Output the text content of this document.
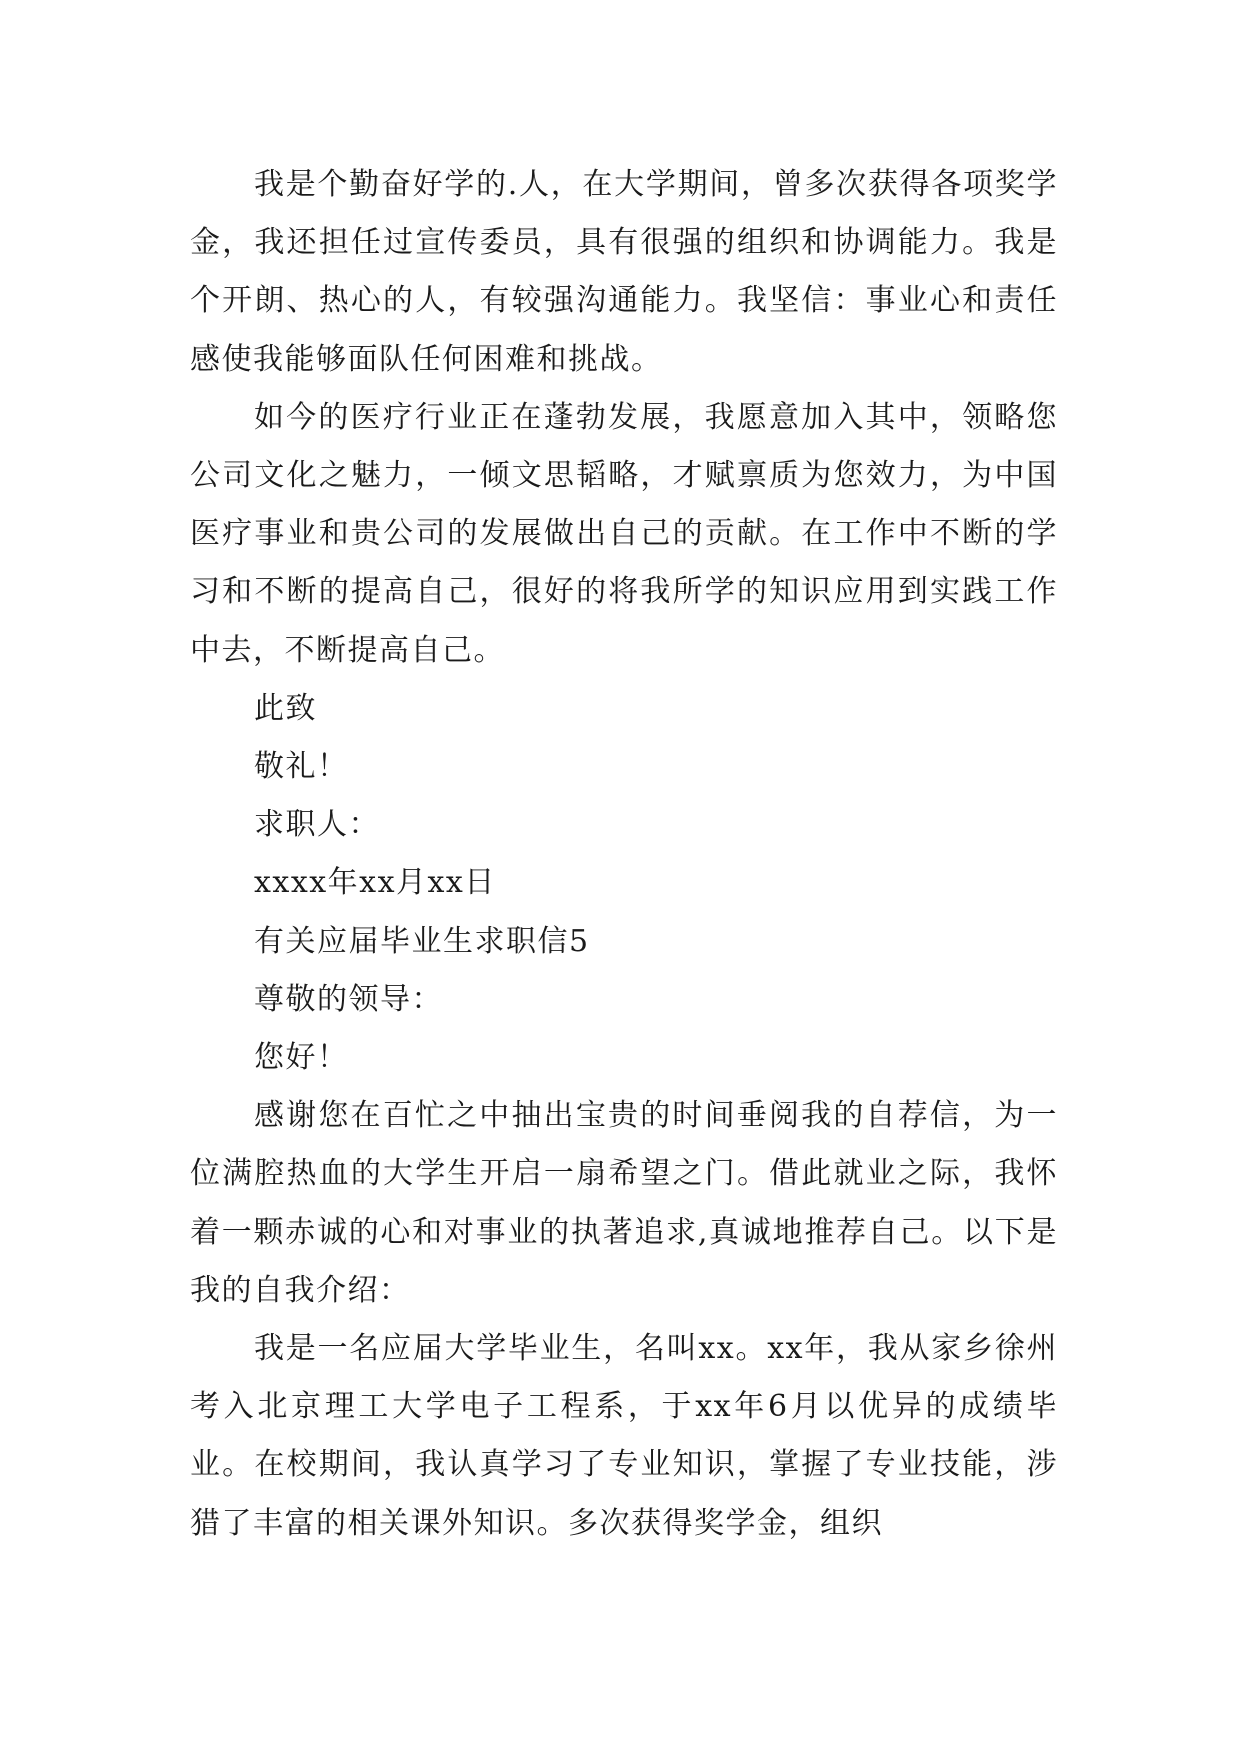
我是个勤奋好学的.人，在大学期间，曾多次获得各项奖学金，我还担任过宣传委员，具有很强的组织和协调能力。我是个开朗、热心的人，有较强沟通能力。我坚信：事业心和责任感使我能够面队任何困难和挑战。

如今的医疗行业正在蓬勃发展，我愿意加入其中，领略您公司文化之魅力，一倾文思韬略，才赋禀质为您效力，为中国医疗事业和贵公司的发展做出自己的贡献。在工作中不断的学习和不断的提高自己，很好的将我所学的知识应用到实践工作中去，不断提高自己。

此致

敬礼！

求职人：

xxxx年xx月xx日

有关应届毕业生求职信5

尊敬的领导：

您好！

感谢您在百忙之中抽出宝贵的时间垂阅我的自荐信，为一位满腔热血的大学生开启一扇希望之门。借此就业之际，我怀着一颗赤诚的心和对事业的执著追求,真诚地推荐自己。以下是我的自我介绍：

我是一名应届大学毕业生，名叫xx。xx年，我从家乡徐州考入北京理工大学电子工程系，于xx年6月以优异的成绩毕业。在校期间，我认真学习了专业知识，掌握了专业技能，涉猎了丰富的相关课外知识。多次获得奖学金，组织
